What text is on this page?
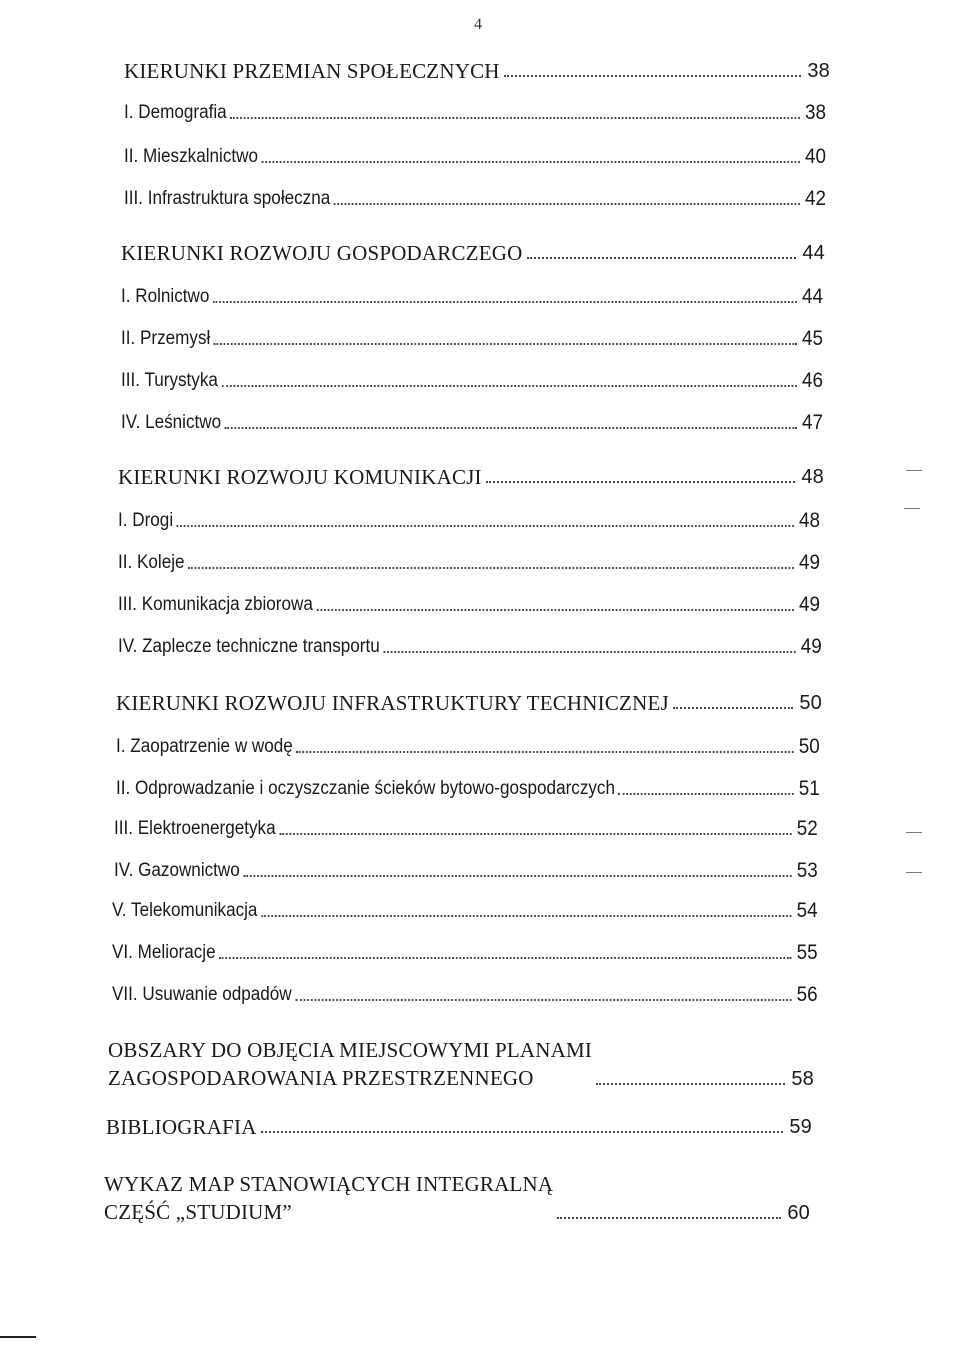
4
KIERUNKI PRZEMIAN SPOŁECZNYCH	38
I. Demografia	38
II. Mieszkalnictwo	40
III. Infrastruktura społeczna	42
KIERUNKI ROZWOJU GOSPODARCZEGO	44
I. Rolnictwo	44
II. Przemysł	45
III. Turystyka	46
IV. Leśnictwo	47
KIERUNKI ROZWOJU KOMUNIKACJI	48
I. Drogi	48
II. Koleje	49
III. Komunikacja zbiorowa	49
IV. Zaplecze techniczne transportu	49
KIERUNKI ROZWOJU INFRASTRUKTURY TECHNICZNEJ	50
I. Zaopatrzenie w wodę	50
II. Odprowadzanie i oczyszczanie ścieków bytowo-gospodarczych	51
III. Elektroenergetyka	52
IV. Gazownictwo	53
V. Telekomunikacja	54
VI. Melioracje	55
VII. Usuwanie odpadów	56
OBSZARY DO OBJĘCIA MIEJSCOWYMI PLANAMI
ZAGOSPODAROWANIA PRZESTRZENNEGO	58
BIBLIOGRAFIA	59
WYKAZ MAP STANOWIĄCYCH INTEGRALNĄ
CZĘŚĆ „STUDIUM”	60
